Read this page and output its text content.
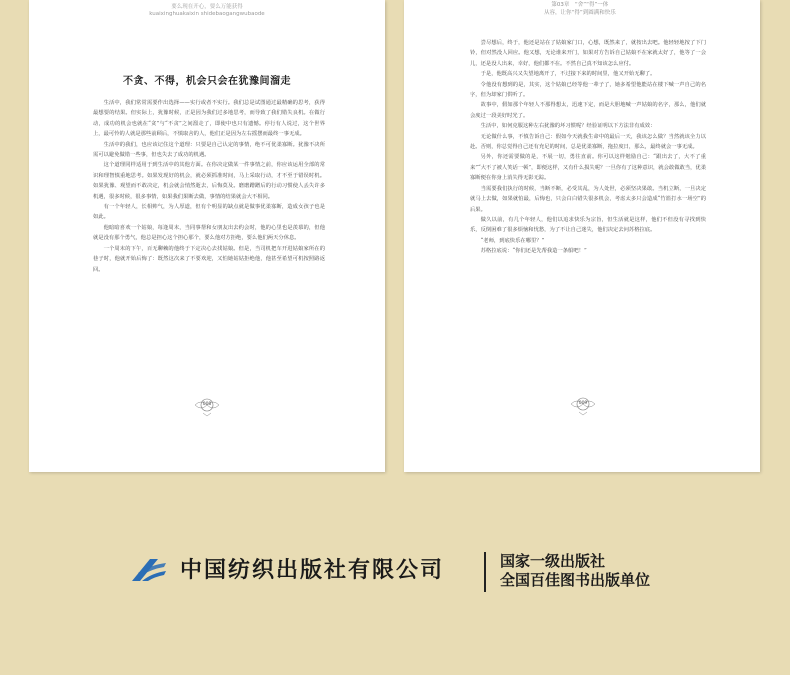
要么现在开心，要么万能获得
kuaixinghuakaixin shidebaogangwubaode
不贪、不得，机会只会在犹豫间溜走

生活中，我们常常需要作出选择——实行或者不实行。我们总是试图通过最精确的思考，获得最想要的结果。但实际上，犹豫时候，正是因为我们过多地思考，而导致了我们错失良机。在做行动，成功的机会也就在“贪”与“不贪”之间溜走了，即使中也只有遗憾。停行有人说过，这个世界上，最可怜的人就是那些前顾后，不慎取舍的人，他们正是因为左右摇摆而最终一事无成。

生活中的我们，也应该记住这个道理：只要是自己认定的事情，绝不可优柔寡断。犹豫不决所需可以避免做错一些事，但也失去了成功的机遇。

这个道理同样适用于到生活中的其他方面。在你决定做某一件事情之前，你应该运用全部的常识和理智慎重地思考。如果发现好的机会，就必须抓准时间，马上采取行动，才不至于错误时机。如果犹豫、观望而不敢决定，机会就会悄然逝去，后悔莫及。磨磨蹭蹭后的行动习惯使人丢失许多机遇，很多时候，很多事情，如果我们果断去做，事情的结果就会大不相同。

有一个年轻人，长相帅气，为人厚道，但有个明显的缺点就是做事优柔寡断，造成女孩子也是如此。

他暗暗喜欢一个姑娘，每逢周末，当同事帮和女朋友出去约会时，他的心里也是羡慕的，但他就是没有那个勇气，他总是担心这个担心那个，要么他对方拒绝，要么他们两天分休息。

一个周末的下午，百无聊赖的他终于下定决心去找姑娘。但是，当司机把车开进姑娘家所在的巷子时，他就开始后悔了：既然这次来了不要欢迎，又怕她姑姑拒绝他，他甚至希望可机按照路返回。

008
第03章　“舍”“得”一体
从容，让你“得”到圆满和快乐

尝尽想后，终于，他还是站在了姑娘家门口，心想，既然来了，就按出去吧。他轻轻地按了下门铃，但对然没人回应。他又想，无论谁来开门，如果对方告诉自己姑娘不在家就太好了，他等了一会儿，还是没人出来，幸好，他们都不在。不然自己真不知该怎么应付。

于是，他既高兴又失望地离开了，不过接下来的时间里，他又开始无聊了。

令他没有想到的是，其实，这个姑娘已经等他一辈子了，她多希望他能站在楼下喊一声自己的名字，但为却家门供听了。

故事中，假如那个年轻人不那得想太，迅速下定，而是大胆地喊一声姑娘的名字，那么，他们就会度过一段美好时光了。

生活中，如何克服这种左右犹豫的坏习惯呢？经验证明以下方法非有成效：

无论做什么事，不慎告诉自己：假如今天就我生命中的最后一天，我该怎么做？当然就该全力以赴。否则，你总觉得自己还有充足的时间，总是优柔寡断，拖拉度日，那么，最终就会一事无成。

另外，你还需要做的是，不展一切，勇往直前。你可以这样勉励自己：“跟出去了，大不了重来”“大不了被人笑话一顿”，即便这样，又有什么损失呢？一旦你有了这种意识，就会敢做敢当，优柔寡断便在你身上消失得无影无踪。

当需要我们执行的时候，当断不断，必受其乱，为人处世，必须坚决果敢。当机立断，一旦决定就马上去做，如果就怕最，后悔也，只会白白错失很多机会，考虑太多只会造成“竹篮打水一场空”的后果。

做久以前，有几个年轻人，他们以追求快乐为宗旨，但生活就是这样，他们不但没有寻找到快乐，反倒困难了很多烦恼和忧愁，为了不让自己迷失，他们决定去问苏格拉底。

“老师，到底快乐在哪里？”

苏格拉底说：“你们还是先帮我造一条船吧！”

009
中国纺织出版社有限公司	国家一级出版社
全国百佳图书出版单位
